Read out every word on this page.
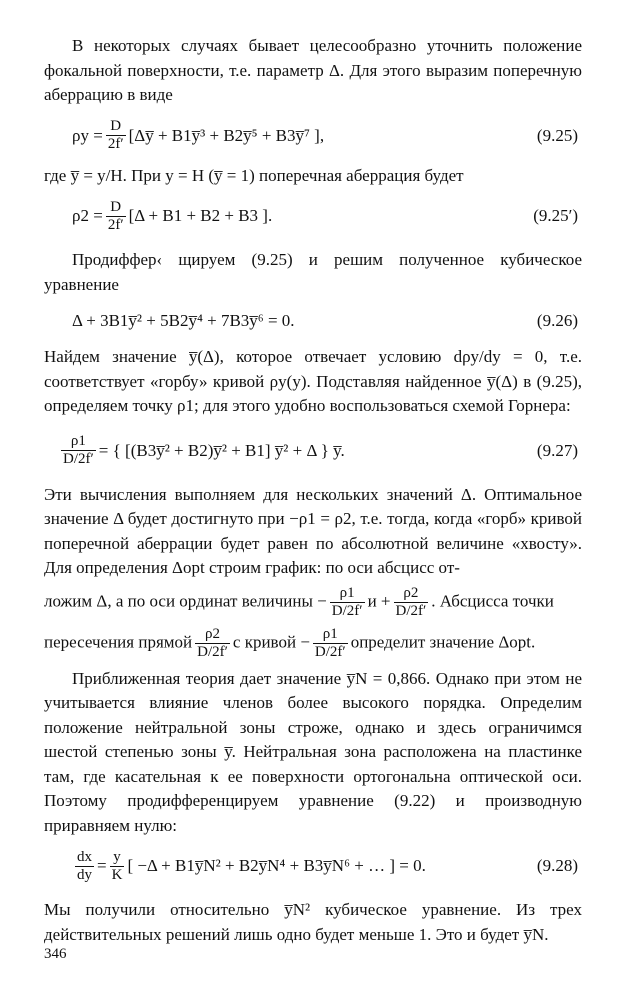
В некоторых случаях бывает целесообразно уточнить положение фокальной поверхности, т.е. параметр Δ. Для этого выразим поперечную аберрацию в виде

$\rho y = \frac{D}{2f'}$ [Δy̅ + B1y̅³ + B2y̅⁵ + B3y̅⁷ ],	(9.25)

где y̅ = y/H. При y = H (y̅ = 1) поперечная аберрация будет

$\rho 2 = \frac{D}{2f'} [\Delta + B1 + B2 + B3$ ].	(9.25′)

Продиффер‹ щируем (9.25) и решим полученное кубическое уравнение

Δ + 3B1y̅² + 5B2y̅⁴ + 7B3y̅⁶ = 0.	(9.26)

Найдем значение y̅(Δ), которое отвечает условию dρy/dy = 0, т.е. соответствует «горбу» кривой ρy(y). Подставляя найденное y̅(Δ) в (9.25), определяем точку ρ1; для этого удобно воспользоваться схемой Горнера:

$\frac{\rho 1}{D/2f'}$ = { [(B3y̅² + B2)y̅² + B1] y̅² + Δ } y̅.	(9.27)

Эти вычисления выполняем для нескольких значений Δ. Оптимальное значение Δ будет достигнуто при −ρ1 = ρ2, т.е. тогда, когда «горб» кривой поперечной аберрации будет равен по абсолютной величине «хвосту». Для определения Δopt строим график: по оси абсцисс от-

ложим Δ, а по оси ординат величины − $\frac{\rho 1}{D/2f'}$ $и + \frac{\rho 2}{D/2f'}$ . Абсцисса точки

пересечения прямой $\frac{\rho 2}{D/2f'}$ с кривой − $\frac{\rho 1}{D/2f'}$ определит значение Δopt.

Приближенная теория дает значение y̅N = 0,866. Однако при этом не учитывается влияние членов более высокого порядка. Определим положение нейтральной зоны строже, однако и здесь ограничимся шестой степенью зоны y̅. Нейтральная зона расположена на пластинке там, где касательная к ее поверхности ортогональна оптической оси. Поэтому продифференцируем уравнение (9.22) и производную приравняем нулю:

$\frac{dx}{dy} = \frac{y}{K}$ [ −Δ + B1y̅N² + B2y̅N⁴ + B3y̅N⁶ + … ] = 0.	(9.28)

Мы получили относительно y̅N² кубическое уравнение. Из трех действительных решений лишь одно будет меньше 1. Это и будет y̅N.

346
